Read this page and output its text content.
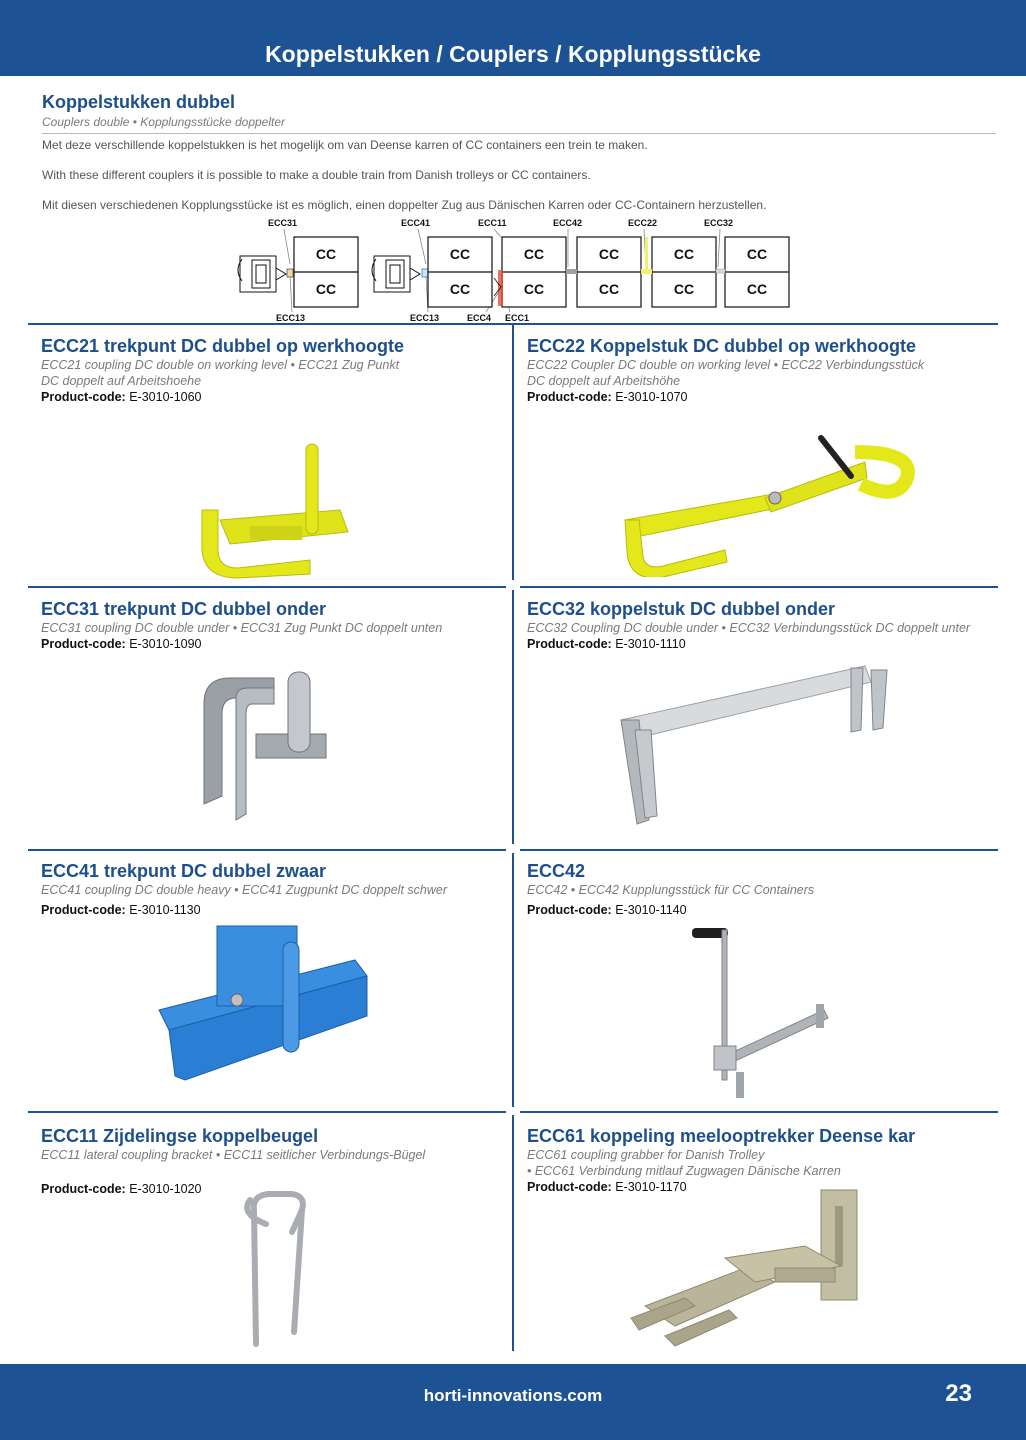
Koppelstukken / Couplers / Kopplungsstücke
Koppelstukken dubbel
Couplers double • Kopplungsstücke doppelter

Met deze verschillende koppelstukken is het mogelijk om van Deense karren of CC containers een trein te maken.

With these different couplers it is possible to make a double train from Danish trolleys or CC containers.

Mit diesen verschiedenen Kopplungsstücke ist es möglich, einen doppelter Zug aus Dänischen Karren oder CC-Containern herzustellen.

ECC31	ECC41	ECC11	ECC42	ECC22	ECC32
ECC13	ECC13	ECC4 ECC1
CC
CC
CC
CC
CC
CC
CC
CC
CC
CC
CC
CC
ECC21 trekpunt DC dubbel op werkhoogte
ECC21 coupling DC double on working level • ECC21 Zug Punkt
DC doppelt auf Arbeitshoehe
Product-code: E-3010-1060
ECC22 Koppelstuk DC dubbel op werkhoogte
ECC22 Coupler DC double on working level • ECC22 Verbindungsstück
DC doppelt auf Arbeitshöhe
Product-code: E-3010-1070
ECC31 trekpunt DC dubbel onder
ECC31 coupling DC double under • ECC31 Zug Punkt DC doppelt unten
Product-code: E-3010-1090
ECC32 koppelstuk DC dubbel onder
ECC32 Coupling DC double under • ECC32 Verbindungsstück DC doppelt unter
Product-code: E-3010-1110
ECC41 trekpunt DC dubbel zwaar
ECC41 coupling DC double heavy • ECC41 Zugpunkt DC doppelt schwer
Product-code: E-3010-1130
ECC42
ECC42 • ECC42 Kupplungsstück für CC Containers
Product-code: E-3010-1140
ECC11 Zijdelingse koppelbeugel
ECC11 lateral coupling bracket • ECC11 seitlicher Verbindungs-Bügel
Product-code: E-3010-1020
ECC61 koppeling meelooptrekker Deense kar
ECC61 coupling grabber for Danish Trolley
• ECC61 Verbindung mitlauf Zugwagen Dänische Karren
Product-code: E-3010-1170
horti-innovations.com	23
